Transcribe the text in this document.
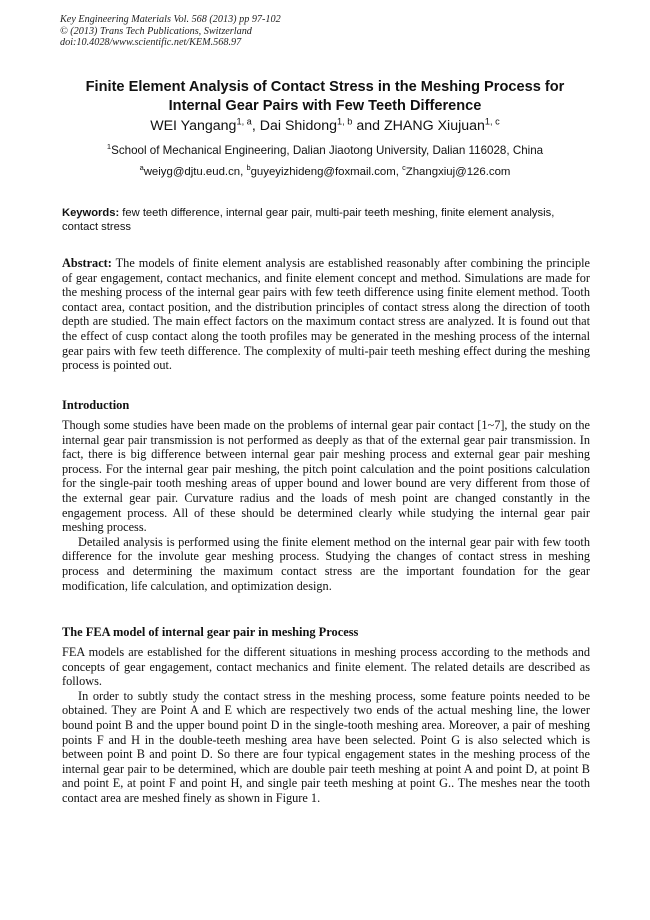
Key Engineering Materials Vol. 568 (2013) pp 97-102
© (2013) Trans Tech Publications, Switzerland
doi:10.4028/www.scientific.net/KEM.568.97
Finite Element Analysis of Contact Stress in the Meshing Process for
Internal Gear Pairs with Few Teeth Difference
WEI Yangang$^{1, a}$, Dai Shidong$^{1, b}$ and ZHANG Xiujuan$^{1, c}$
$^1$School of Mechanical Engineering, Dalian Jiaotong University, Dalian 116028, China
$^a$weiyg@djtu.eud.cn, $^b$guyeyizhideng@foxmail.com, $^c$Zhangxiuj@126.com
Keywords: few teeth difference, internal gear pair, multi-pair teeth meshing, finite element analysis, contact stress
Abstract: The models of finite element analysis are established reasonably after combining the principle of gear engagement, contact mechanics, and finite element concept and method. Simulations are made for the meshing process of the internal gear pairs with few teeth difference using finite element method. Tooth contact area, contact position, and the distribution principles of contact stress along the direction of tooth depth are studied. The main effect factors on the maximum contact stress are analyzed. It is found out that the effect of cusp contact along the tooth profiles may be generated in the meshing process of the internal gear pairs with few teeth difference. The complexity of multi-pair teeth meshing effect during the meshing process is pointed out.
Introduction

Though some studies have been made on the problems of internal gear pair contact [1~7], the study on the internal gear pair transmission is not performed as deeply as that of the external gear pair transmission. In fact, there is big difference between internal gear pair meshing process and external gear pair meshing process. For the internal gear pair meshing, the pitch point calculation and the point positions calculation for the single-pair tooth meshing areas of upper bound and lower bound are very different from those of the external gear pair. Curvature radius and the loads of mesh point are changed constantly in the engagement process. All of these should be determined clearly while studying the internal gear pair meshing process.

Detailed analysis is performed using the finite element method on the internal gear pair with few tooth difference for the involute gear meshing process. Studying the changes of contact stress in meshing process and determining the maximum contact stress are the important foundation for the gear modification, life calculation, and optimization design.

The FEA model of internal gear pair in meshing Process

FEA models are established for the different situations in meshing process according to the methods and concepts of gear engagement, contact mechanics and finite element. The related details are described as follows.

In order to subtly study the contact stress in the meshing process, some feature points needed to be obtained. They are Point A and E which are respectively two ends of the actual meshing line, the lower bound point B and the upper bound point D in the single-tooth meshing area. Moreover, a pair of meshing points F and H in the double-teeth meshing area have been selected. Point G is also selected which is between point B and point D. So there are four typical engagement states in the meshing process of the internal gear pair to be determined, which are double pair teeth meshing at point A and point D, at point B and point E, at point F and point H, and single pair teeth meshing at point G.. The meshes near the tooth contact area are meshed finely as shown in Figure 1.
